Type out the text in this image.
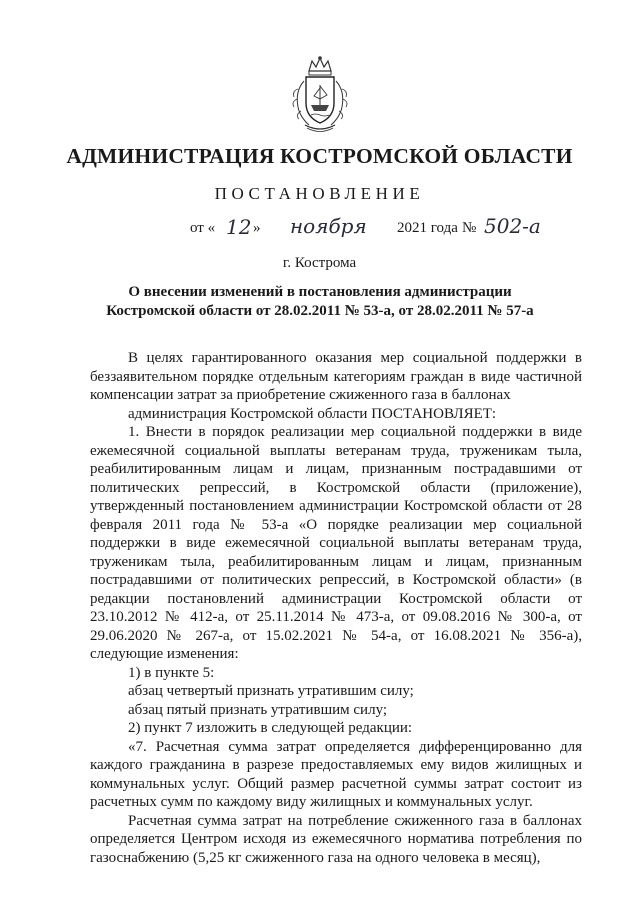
АДМИНИСТРАЦИЯ КОСТРОМСКОЙ ОБЛАСТИ
ПОСТАНОВЛЕНИЕ
от « 12 » ноября 2021 года № 502-а
г. Кострома
О внесении изменений в постановления администрации
Костромской области от 28.02.2011 № 53-а, от 28.02.2011 № 57-а

В целях гарантированного оказания мер социальной поддержки в беззаявительном порядке отдельным категориям граждан в виде частичной компенсации затрат за приобретение сжиженного газа в баллонах

администрация Костромской области ПОСТАНОВЛЯЕТ:

1. Внести в порядок реализации мер социальной поддержки в виде ежемесячной социальной выплаты ветеранам труда, труженикам тыла, реабилитированным лицам и лицам, признанным пострадавшими от политических репрессий, в Костромской области (приложение), утвержденный постановлением администрации Костромской области от 28 февраля 2011 года № 53-а «О порядке реализации мер социальной поддержки в виде ежемесячной социальной выплаты ветеранам труда, труженикам тыла, реабилитированным лицам и лицам, признанным пострадавшими от политических репрессий, в Костромской области» (в редакции постановлений администрации Костромской области от 23.10.2012 № 412-а, от 25.11.2014 № 473-а, от 09.08.2016 № 300-а, от 29.06.2020 № 267-а, от 15.02.2021 № 54-а, от 16.08.2021 № 356-а), следующие изменения:

1) в пункте 5:

абзац четвертый признать утратившим силу;

абзац пятый признать утратившим силу;

2) пункт 7 изложить в следующей редакции:

«7. Расчетная сумма затрат определяется дифференцированно для каждого гражданина в разрезе предоставляемых ему видов жилищных и коммунальных услуг. Общий размер расчетной суммы затрат состоит из расчетных сумм по каждому виду жилищных и коммунальных услуг.

Расчетная сумма затрат на потребление сжиженного газа в баллонах определяется Центром исходя из ежемесячного норматива потребления по газоснабжению (5,25 кг сжиженного газа на одного человека в месяц),
